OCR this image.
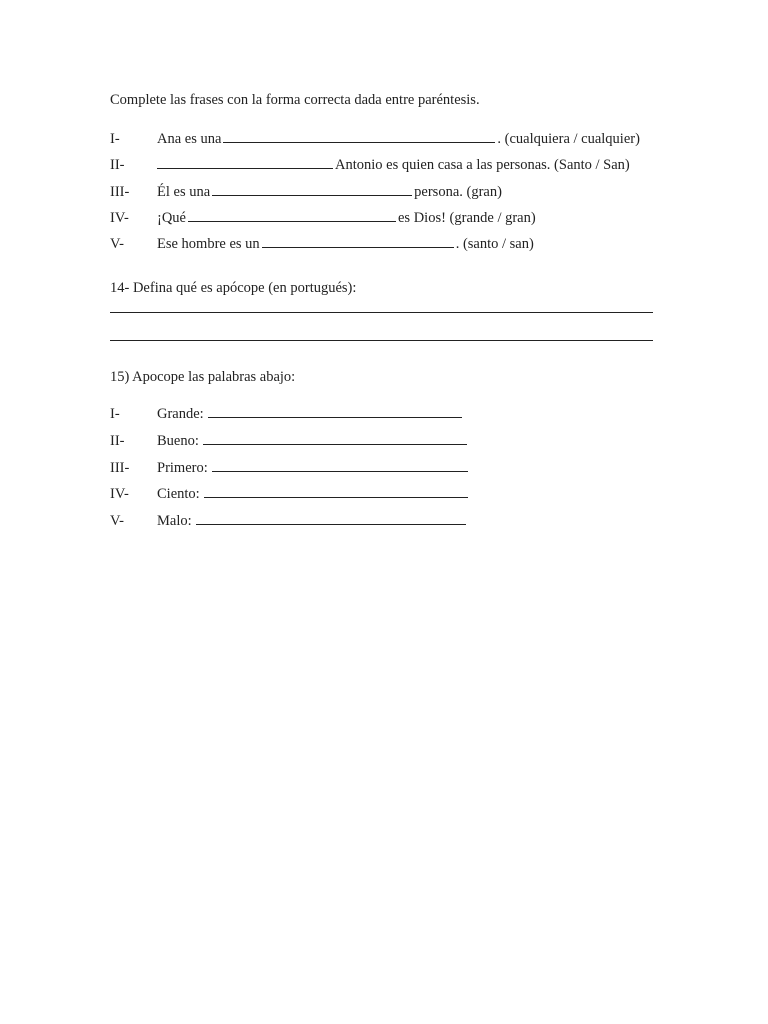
Complete las frases con la forma correcta dada entre paréntesis.
I-	Ana es una	. (cualquiera / cualquier)
II-	Antonio es quien casa a las personas. (Santo / San)
III-	Él es una	persona. (gran)
IV-	¡Qué	es Dios! (grande / gran)
V-	Ese hombre es un	. (santo / san)
14- Defina qué es apócope (en portugués):
15) Apocope las palabras abajo:
I-	Grande:
II-	Bueno:
III-	Primero:
IV-	Ciento:
V-	Malo:
